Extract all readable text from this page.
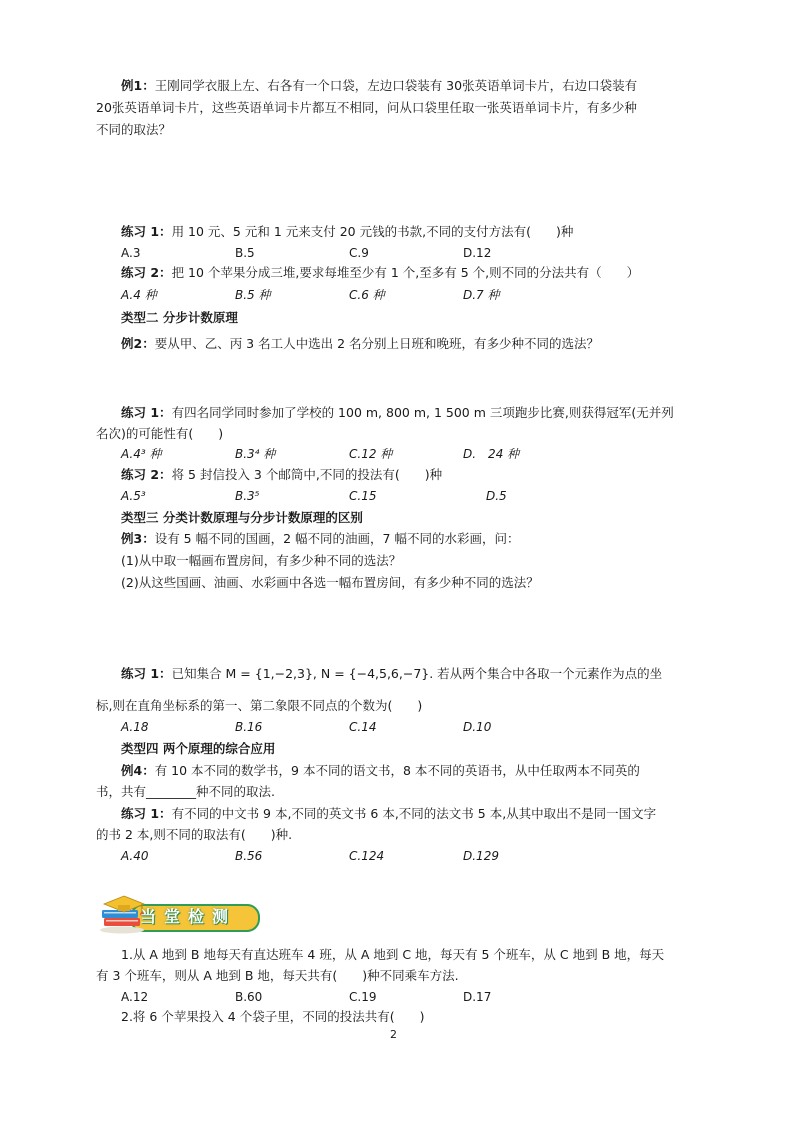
例1：王刚同学衣服上左、右各有一个口袋，左边口袋装有 30张英语单词卡片，右边口袋装有
20张英语单词卡片，这些英语单词卡片都互不相同，问从口袋里任取一张英语单词卡片，有多少种
不同的取法？
练习 1：用 10 元、5 元和 1 元来支付 20 元钱的书款,不同的支付方法有(　　)种
A.3	B.5	C.9	D.12
练习 2：把 10 个苹果分成三堆,要求每堆至少有 1 个,至多有 5 个,则不同的分法共有（　　）
A.4 种	B.5 种	C.6 种	D.7 种
类型二 分步计数原理
例2：要从甲、乙、丙 3 名工人中选出 2 名分别上日班和晚班，有多少种不同的选法？
练习 1：有四名同学同时参加了学校的 100 m, 800 m, 1 500 m 三项跑步比赛,则获得冠军(无并列
名次)的可能性有(　　)
A.4³ 种	B.3⁴ 种	C.12 种	D.　24 种
练习 2：将 5 封信投入 3 个邮筒中,不同的投法有(　　)种
A.5³	B.3⁵	C.15	D.5
类型三 分类计数原理与分步计数原理的区别
例3：设有 5 幅不同的国画，2 幅不同的油画，7 幅不同的水彩画，问：
(1)从中取一幅画布置房间，有多少种不同的选法？
(2)从这些国画、油画、水彩画中各选一幅布置房间，有多少种不同的选法？
练习 1：已知集合 M = {1,−2,3}, N = {−4,5,6,−7}. 若从两个集合中各取一个元素作为点的坐
标,则在直角坐标系的第一、第二象限不同点的个数为(　　)
A.18	B.16	C.14	D.10
类型四 两个原理的综合应用
例4：有 10 本不同的数学书，9 本不同的语文书，8 本不同的英语书，从中任取两本不同英的
书，共有________种不同的取法.
练习 1：有不同的中文书 9 本,不同的英文书 6 本,不同的法文书 5 本,从其中取出不是同一国文字
的书 2 本,则不同的取法有(　　)种.
A.40	B.56	C.124	D.129
当堂检测
1.从 A 地到 B 地每天有直达班车 4 班，从 A 地到 C 地，每天有 5 个班车，从 C 地到 B 地，每天
有 3 个班车，则从 A 地到 B 地，每天共有(　　)种不同乘车方法.
A.12	B.60	C.19	D.17
2.将 6 个苹果投入 4 个袋子里，不同的投法共有(　　)
2
